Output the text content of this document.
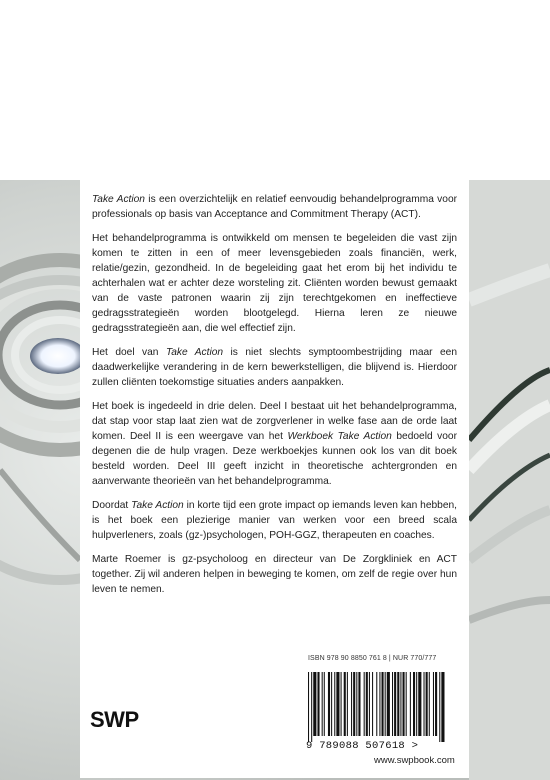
Take Action is een overzichtelijk en relatief eenvoudig behandelprogramma voor professionals op basis van Acceptance and Commitment Therapy (ACT).

Het behandelprogramma is ontwikkeld om mensen te begeleiden die vast zijn komen te zitten in een of meer levensgebieden zoals financiën, werk, relatie/gezin, gezondheid. In de begeleiding gaat het erom bij het individu te achterhalen wat er achter deze worsteling zit. Cliënten worden bewust gemaakt van de vaste patronen waarin zij zijn terechtgekomen en ineffectieve gedragsstrategieën worden blootgelegd. Hierna leren ze nieuwe gedragsstrategieën aan, die wel effectief zijn.

Het doel van Take Action is niet slechts symptoombestrijding maar een daadwerkelijke verandering in de kern bewerkstelligen, die blijvend is. Hierdoor zullen cliënten toekomstige situaties anders aanpakken.

Het boek is ingedeeld in drie delen. Deel I bestaat uit het behandelprogramma, dat stap voor stap laat zien wat de zorgverlener in welke fase aan de orde laat komen. Deel II is een weergave van het Werkboek Take Action bedoeld voor degenen die de hulp vragen. Deze werkboekjes kunnen ook los van dit boek besteld worden. Deel III geeft inzicht in theoretische achtergronden en aanverwante theorieën van het behandelprogramma.

Doordat Take Action in korte tijd een grote impact op iemands leven kan hebben, is het boek een plezierige manier van werken voor een breed scala hulpverleners, zoals (gz-)psychologen, POH-GGZ, therapeuten en coaches.

Marte Roemer is gz-psycholoog en directeur van De Zorgkliniek en ACT together. Zij wil anderen helpen in beweging te komen, om zelf de regie over hun leven te nemen.

ISBN 978 90 8850 761 8 | NUR 770/777
9 789088 507618 >
www.swpbook.com
SWP
